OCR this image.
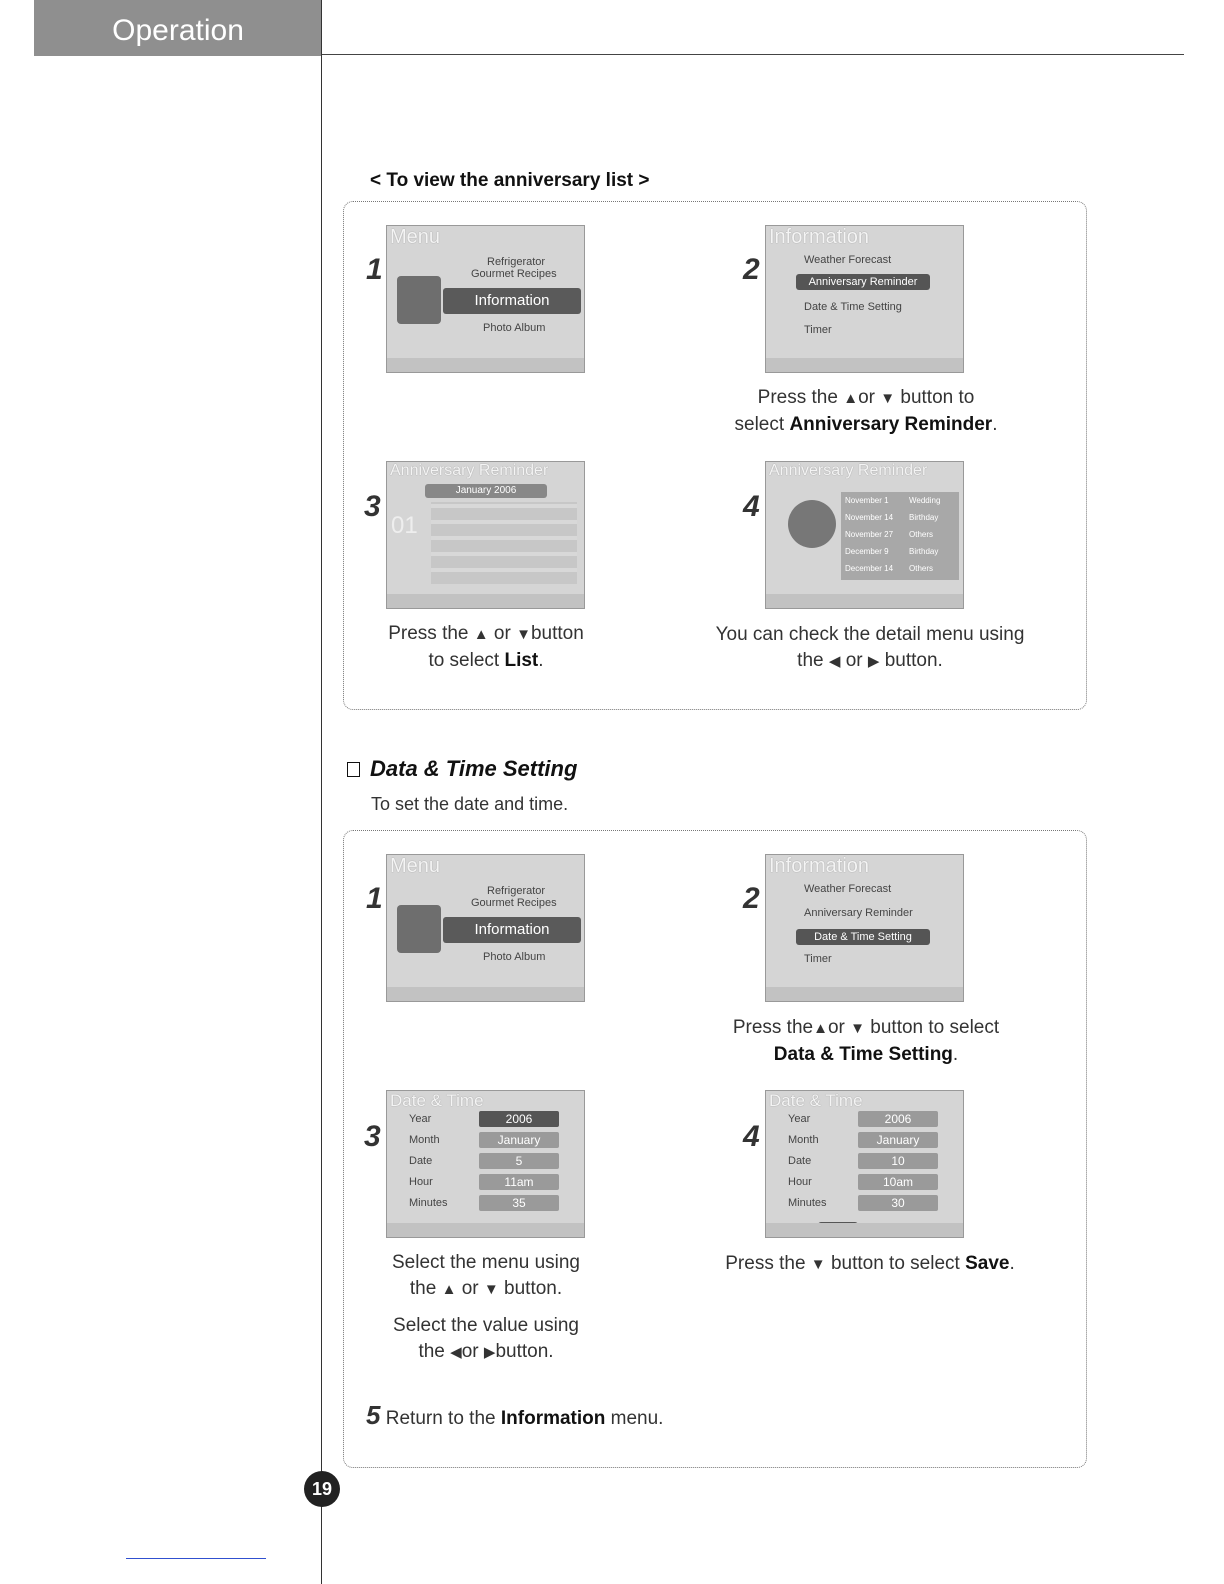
Operation
< To view the anniversary list >
1
Menu
Refrigerator
Gourmet Recipes
Information
Photo Album
2
Information
Weather Forecast
Anniversary Reminder
Date & Time Setting
Timer
Press the ▲or ▼ button to
select Anniversary Reminder.
3
Anniversary Reminder
January 2006
01
Press the ▲ or ▼button
to select List.
4
Anniversary Reminder
November 1	Wedding
November 14 Birthday
November 27 Others
December 9	Birthday
December 14 Others
You can check the detail menu using
the ◀ or ▶ button.
Data & Time Setting
To set the date and time.
1
Menu
Refrigerator
Gourmet Recipes
Information
Photo Album
2
Information
Weather Forecast
Anniversary Reminder
Date & Time Setting
Timer
Press the▲or ▼ button to select
Data & Time Setting.
3
Date & Time
Year
Month
Date
Hour
Minutes
2006
January
5
11am
35
Select the menu using
the ▲ or ▼ button.
Select the value using
the ◀or ▶button.
4
Date & Time
Year
Month
Date
Hour
Minutes
2006
January
10
10am
30
Press the ▼ button to select Save.
5 Return to the Information menu.
19
